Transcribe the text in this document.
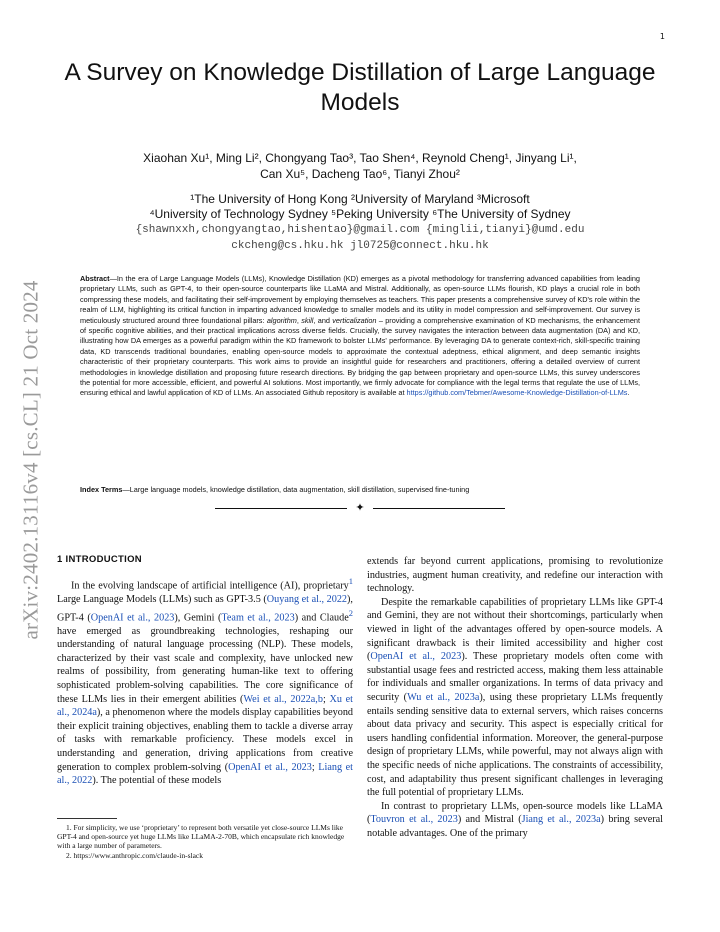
1
arXiv:2402.13116v4 [cs.CL] 21 Oct 2024
A Survey on Knowledge Distillation of Large Language Models
Xiaohan Xu¹, Ming Li², Chongyang Tao³, Tao Shen⁴, Reynold Cheng¹, Jinyang Li¹,
Can Xu⁵, Dacheng Tao⁶, Tianyi Zhou²
¹The University of Hong Kong ²University of Maryland ³Microsoft
⁴University of Technology Sydney ⁵Peking University ⁶The University of Sydney
{shawnxxh,chongyangtao,hishentao}@gmail.com {minglii,tianyi}@umd.edu
ckcheng@cs.hku.hk jl0725@connect.hku.hk

Abstract—In the era of Large Language Models (LLMs), Knowledge Distillation (KD) emerges as a pivotal methodology for transferring advanced capabilities from leading proprietary LLMs, such as GPT-4, to their open-source counterparts like LLaMA and Mistral. Additionally, as open-source LLMs flourish, KD plays a crucial role in both compressing these models, and facilitating their self-improvement by employing themselves as teachers. This paper presents a comprehensive survey of KD's role within the realm of LLM, highlighting its critical function in imparting advanced knowledge to smaller models and its utility in model compression and self-improvement. Our survey is meticulously structured around three foundational pillars: algorithm, skill, and verticalization – providing a comprehensive examination of KD mechanisms, the enhancement of specific cognitive abilities, and their practical implications across diverse fields. Crucially, the survey navigates the interaction between data augmentation (DA) and KD, illustrating how DA emerges as a powerful paradigm within the KD framework to bolster LLMs' performance. By leveraging DA to generate context-rich, skill-specific training data, KD transcends traditional boundaries, enabling open-source models to approximate the contextual adeptness, ethical alignment, and deep semantic insights characteristic of their proprietary counterparts. This work aims to provide an insightful guide for researchers and practitioners, offering a detailed overview of current methodologies in knowledge distillation and proposing future research directions. By bridging the gap between proprietary and open-source LLMs, this survey underscores the potential for more accessible, efficient, and powerful AI solutions. Most importantly, we firmly advocate for compliance with the legal terms that regulate the use of LLMs, ensuring ethical and lawful application of KD of LLMs. An associated Github repository is available at https://github.com/Tebmer/Awesome-Knowledge-Distillation-of-LLMs.

Index Terms—Large language models, knowledge distillation, data augmentation, skill distillation, supervised fine-tuning

✦
1 INTRODUCTION

In the evolving landscape of artificial intelligence (AI), proprietary$^1$ Large Language Models (LLMs) such as GPT-3.5 (Ouyang et al., 2022), GPT-4 (OpenAI et al., 2023), Gemini (Team et al., 2023) and Claude$^2$ have emerged as groundbreaking technologies, reshaping our understanding of natural language processing (NLP). These models, characterized by their vast scale and complexity, have unlocked new realms of possibility, from generating human-like text to offering sophisticated problem-solving capabilities. The core significance of these LLMs lies in their emergent abilities (Wei et al., 2022a,b; Xu et al., 2024a), a phenomenon where the models display capabilities beyond their explicit training objectives, enabling them to tackle a diverse array of tasks with remarkable proficiency. These models excel in understanding and generation, driving applications from creative generation to complex problem-solving (OpenAI et al., 2023; Liang et al., 2022). The potential of these models

extends far beyond current applications, promising to revolutionize industries, augment human creativity, and redefine our interaction with technology.

Despite the remarkable capabilities of proprietary LLMs like GPT-4 and Gemini, they are not without their shortcomings, particularly when viewed in light of the advantages offered by open-source models. A significant drawback is their limited accessibility and higher cost (OpenAI et al., 2023). These proprietary models often come with substantial usage fees and restricted access, making them less attainable for individuals and smaller organizations. In terms of data privacy and security (Wu et al., 2023a), using these proprietary LLMs frequently entails sending sensitive data to external servers, which raises concerns about data privacy and security. This aspect is especially critical for users handling confidential information. Moreover, the general-purpose design of proprietary LLMs, while powerful, may not always align with the specific needs of niche applications. The constraints of accessibility, cost, and adaptability thus present significant challenges in leveraging the full potential of proprietary LLMs.

In contrast to proprietary LLMs, open-source models like LLaMA (Touvron et al., 2023) and Mistral (Jiang et al., 2023a) bring several notable advantages. One of the primary

1. For simplicity, we use ‘proprietary’ to represent both versatile yet close-source LLMs like GPT-4 and open-source yet huge LLMs like LLaMA-2-70B, which encapsulate rich knowledge with a large number of parameters.

2. https://www.anthropic.com/claude-in-slack
